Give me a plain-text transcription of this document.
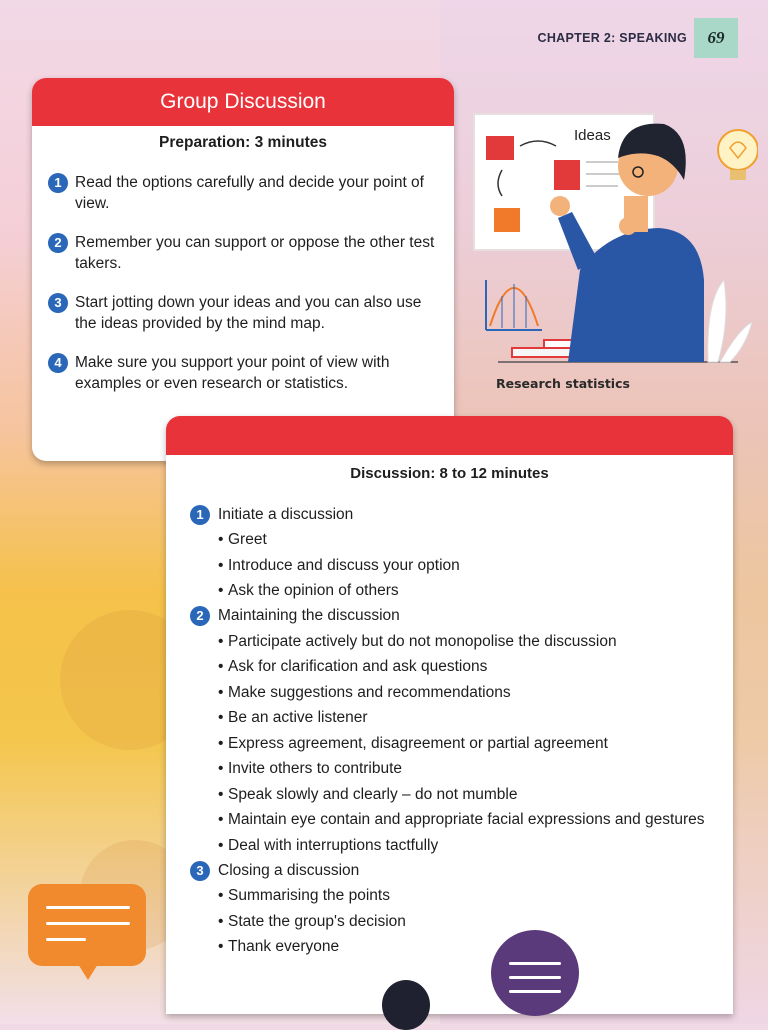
CHAPTER 2: SPEAKING	69
Ideas
Research statistics
Group Discussion
Preparation: 3 minutes
1 Read the options carefully and decide your point of view.
2 Remember you can support or oppose the other test takers.
3 Start jotting down your ideas and you can also use the ideas provided by the mind map.
4 Make sure you support your point of view with examples or even research or statistics.
Discussion: 8 to 12 minutes
1 Initiate a discussion
• Greet
• Introduce and discuss your option
• Ask the opinion of others
2 Maintaining the discussion
• Participate actively but do not monopolise the discussion
• Ask for clarification and ask questions
• Make suggestions and recommendations
• Be an active listener
• Express agreement, disagreement or partial agreement
• Invite others to contribute
• Speak slowly and clearly – do not mumble
• Maintain eye contain and appropriate facial expressions and gestures
• Deal with interruptions tactfully
3 Closing a discussion
• Summarising the points
• State the group's decision
• Thank everyone
